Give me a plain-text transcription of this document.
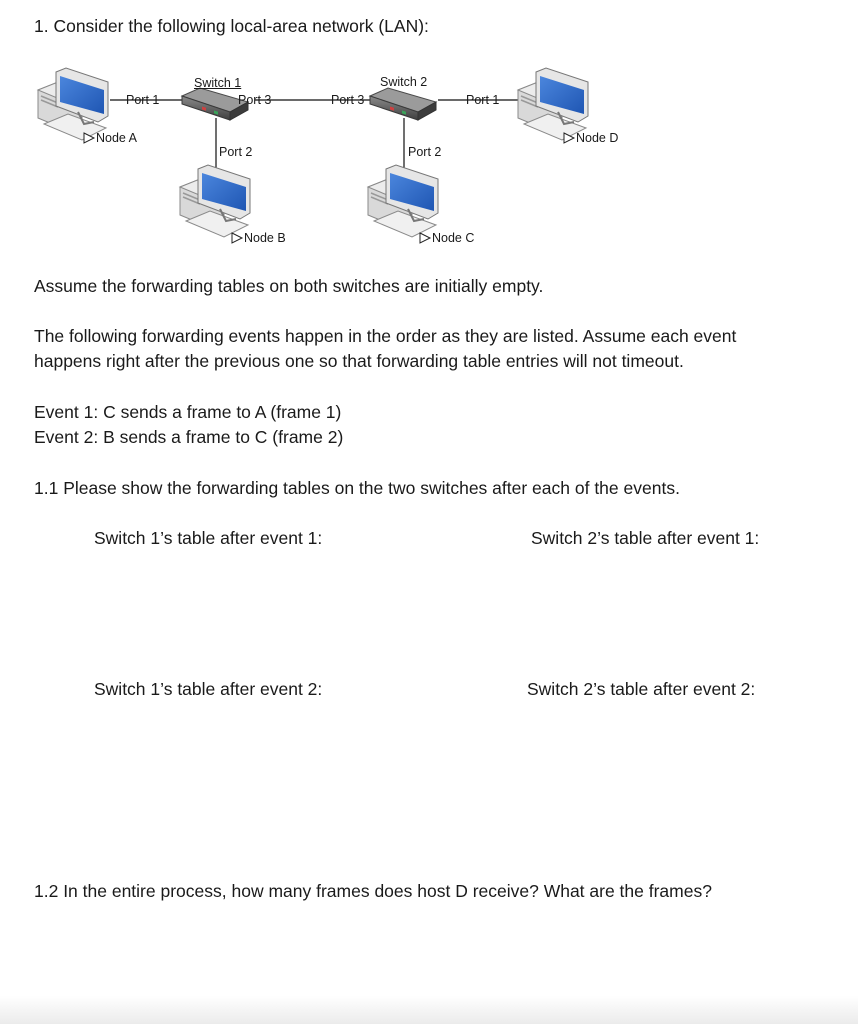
1. Consider the following local-area network (LAN):
Switch 1	Switch 2
Port 1	Port 3	Port 3	Port 1
Port 2	Port 2
Node A	Node D
Node B	Node C
Assume the forwarding tables on both switches are initially empty.
The following forwarding events happen in the order as they are listed. Assume each event
happens right after the previous one so that forwarding table entries will not timeout.
Event 1: C sends a frame to A (frame 1)
Event 2: B sends a frame to C (frame 2)
1.1 Please show the forwarding tables on the two switches after each of the events.
Switch 1’s table after event 1:	Switch 2’s table after event 1:
Switch 1’s table after event 2:	Switch 2’s table after event 2:
1.2 In the entire process, how many frames does host D receive? What are the frames?
